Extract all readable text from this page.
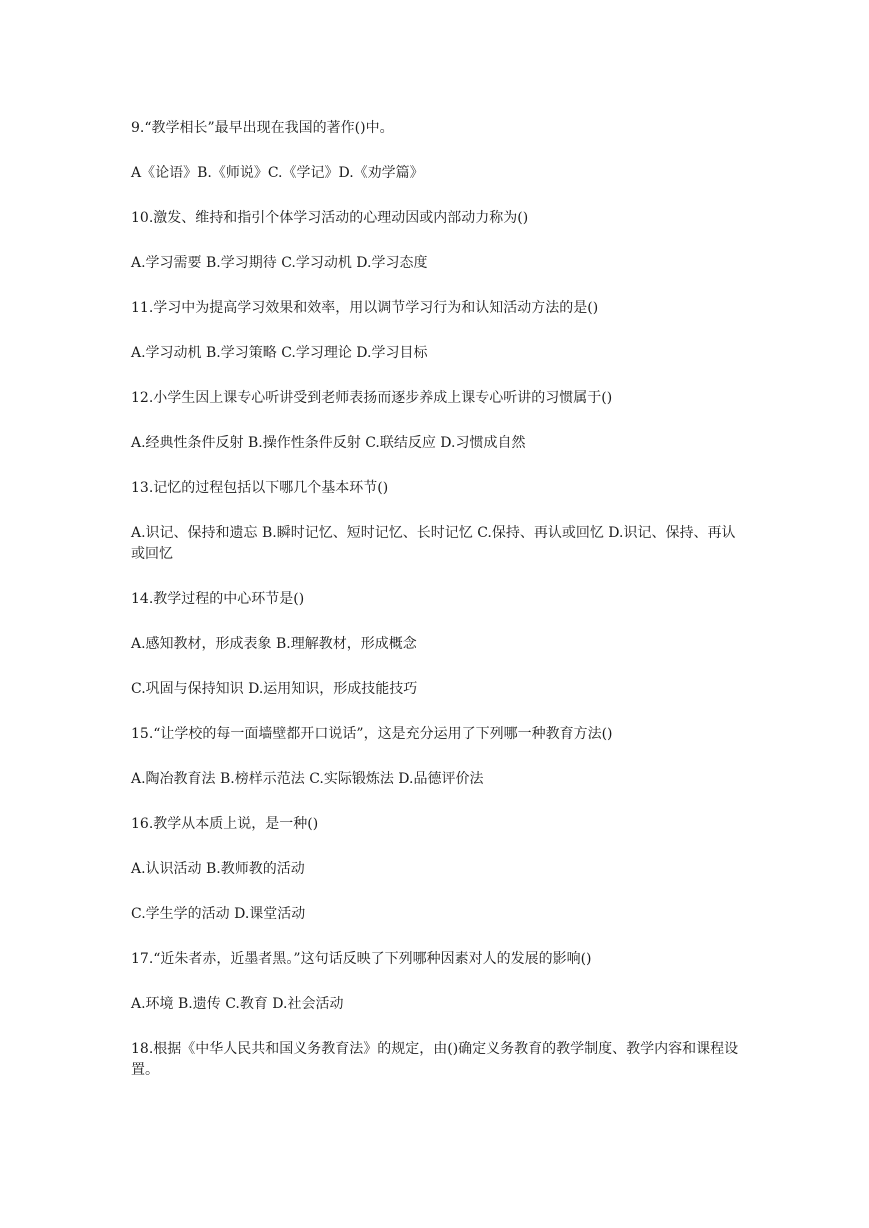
9.“教学相长”最早出现在我国的著作()中。

A《论语》B.《师说》C.《学记》D.《劝学篇》

10.激发、维持和指引个体学习活动的心理动因或内部动力称为()

A.学习需要 B.学习期待 C.学习动机 D.学习态度

11.学习中为提高学习效果和效率，用以调节学习行为和认知活动方法的是()

A.学习动机 B.学习策略 C.学习理论 D.学习目标

12.小学生因上课专心听讲受到老师表扬而逐步养成上课专心听讲的习惯属于()

A.经典性条件反射 B.操作性条件反射 C.联结反应 D.习惯成自然

13.记忆的过程包括以下哪几个基本环节()

A.识记、保持和遗忘 B.瞬时记忆、短时记忆、长时记忆 C.保持、再认或回忆 D.识记、保持、再认或回忆

14.教学过程的中心环节是()

A.感知教材，形成表象 B.理解教材，形成概念

C.巩固与保持知识 D.运用知识，形成技能技巧

15.“让学校的每一面墙壁都开口说话”，这是充分运用了下列哪一种教育方法()

A.陶冶教育法 B.榜样示范法 C.实际锻炼法 D.品德评价法

16.教学从本质上说，是一种()

A.认识活动 B.教师教的活动

C.学生学的活动 D.课堂活动

17.“近朱者赤，近墨者黑。”这句话反映了下列哪种因素对人的发展的影响()

A.环境 B.遗传 C.教育 D.社会活动

18.根据《中华人民共和国义务教育法》的规定，由()确定义务教育的教学制度、教学内容和课程设置。
